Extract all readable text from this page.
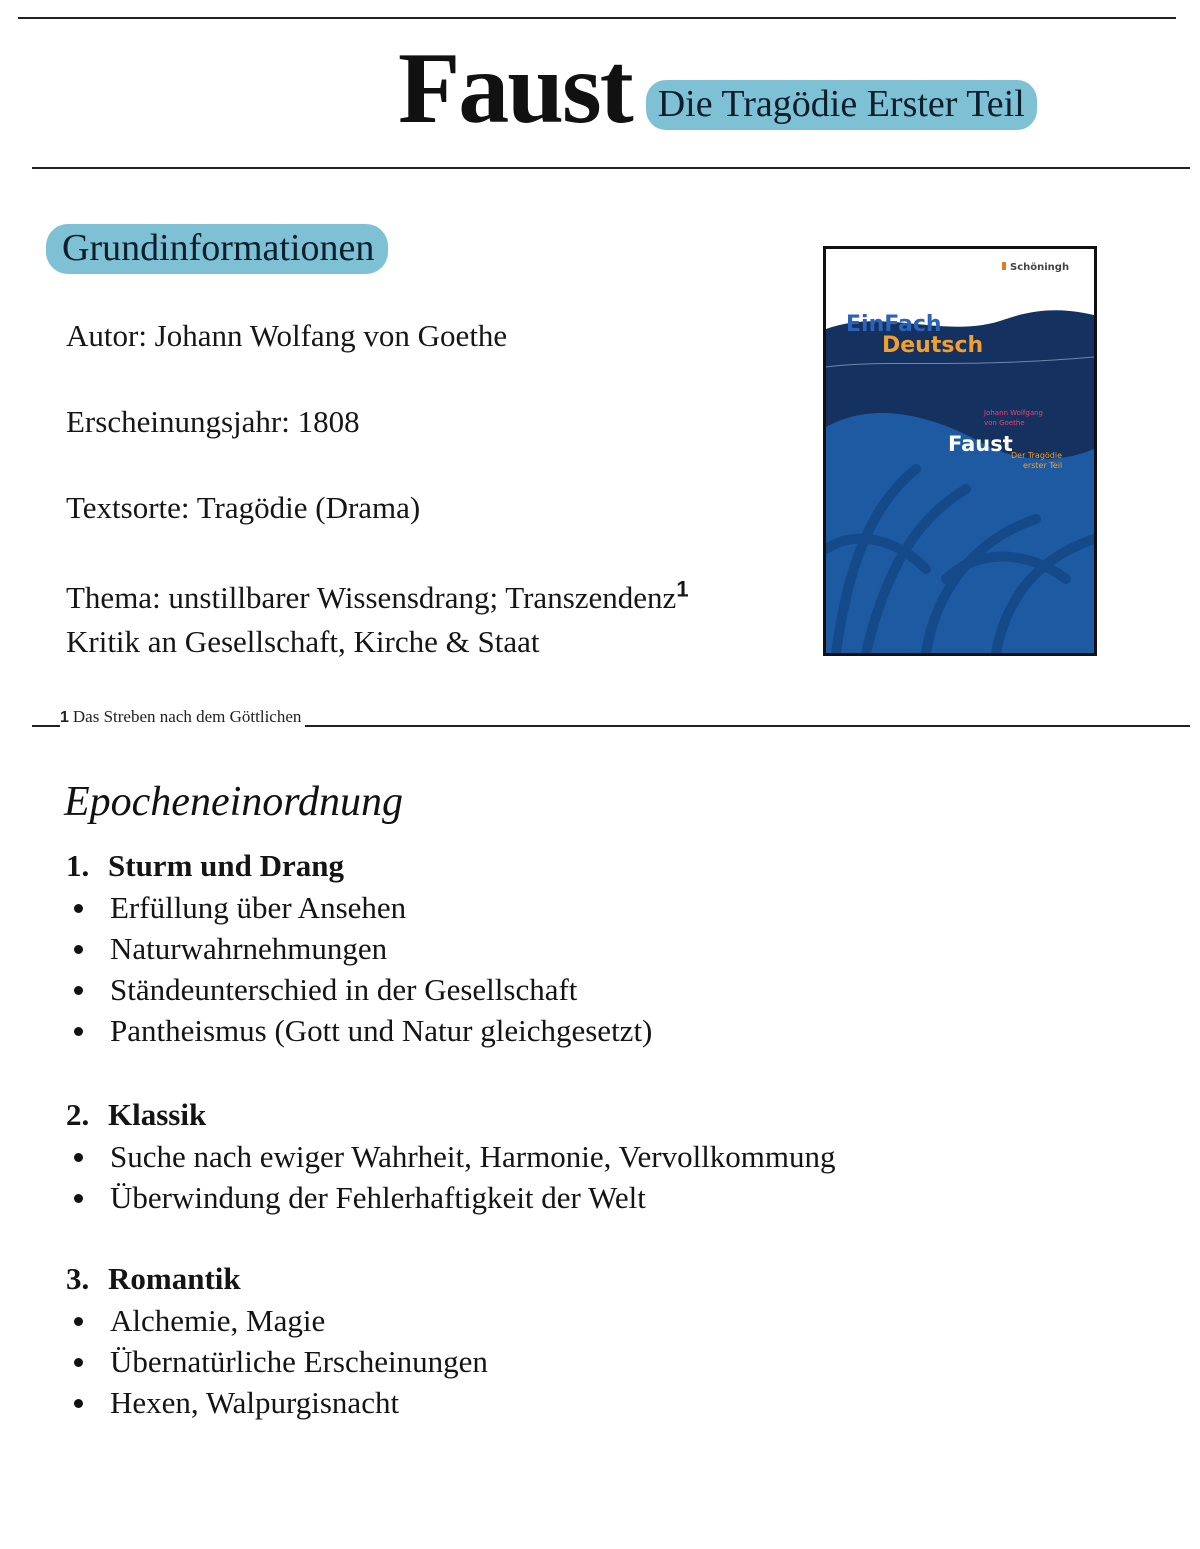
Faust Die Tragödie Erster Teil
Grundinformationen
Autor: Johann Wolfang von Goethe
Erscheinungsjahr: 1808
Textsorte: Tragödie (Drama)
Thema: unstillbarer Wissensdrang; Transzendenz$^1$
Kritik an Gesellschaft, Kirche & Staat
1 Das Streben nach dem Göttlichen
Schöningh
EinFach
Deutsch
Johann Wolfgang
von Goethe
Faust
Der Tragödie
erster Teil
Epocheneinordnung
1. Sturm und Drang
Erfüllung über Ansehen
Naturwahrnehmungen
Ständeunterschied in der Gesellschaft
Pantheismus (Gott und Natur gleichgesetzt)
2. Klassik
Suche nach ewiger Wahrheit, Harmonie, Vervollkommung
Überwindung der Fehlerhaftigkeit der Welt
3. Romantik
Alchemie, Magie
Übernatürliche Erscheinungen
Hexen, Walpurgisnacht
